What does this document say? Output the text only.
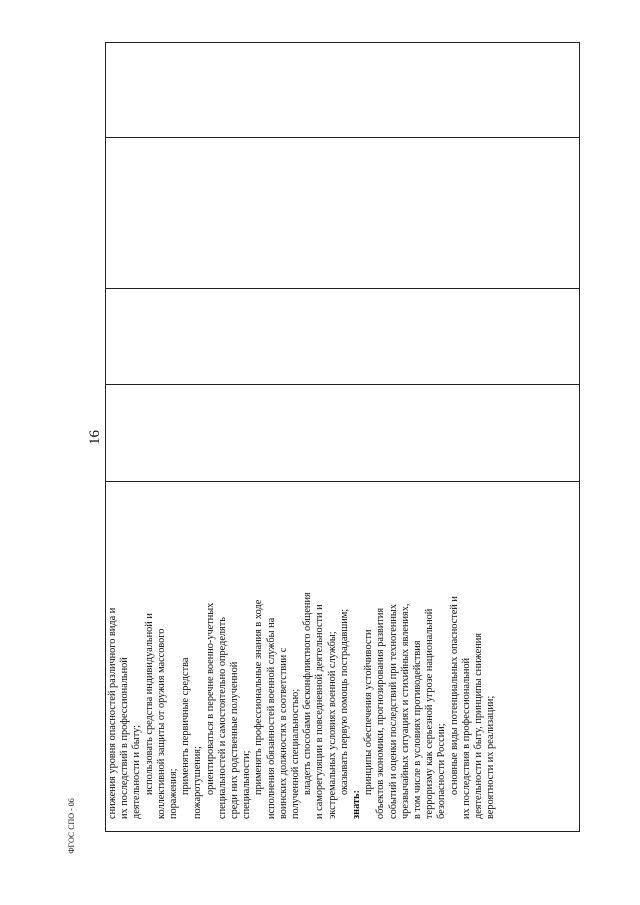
16

снижения уровня опасностей различного вида и их последствий в профессиональной деятельности и быту; использовать средства индивидуальной и коллективной защиты от оружия массового поражения; применять первичные средства пожаротушения; ориентироваться в перечне военно-учетных специальностей и самостоятельно определять среди них родственные полученной специальности; применять профессиональные знания в ходе исполнения обязанностей военной службы на воинских должностях в соответствии с полученной специальностью; владеть способами бесконфликтного общения и саморегуляции в повседневной деятельности и экстремальных условиях военной службы; оказывать первую помощь пострадавшим;

знать:

принципы обеспечения устойчивости объектов экономики, прогнозирования развития событий и оценки последствий при техногенных чрезвычайных ситуациях и стихийных явлениях, в том числе в условиях противодействия терроризму как серьезной угрозе национальной безопасности России; основные виды потенциальных опасностей и их последствия в профессиональной деятельности и быту, принципы снижения вероятности их реализации;

ФГОС СПО - 06
